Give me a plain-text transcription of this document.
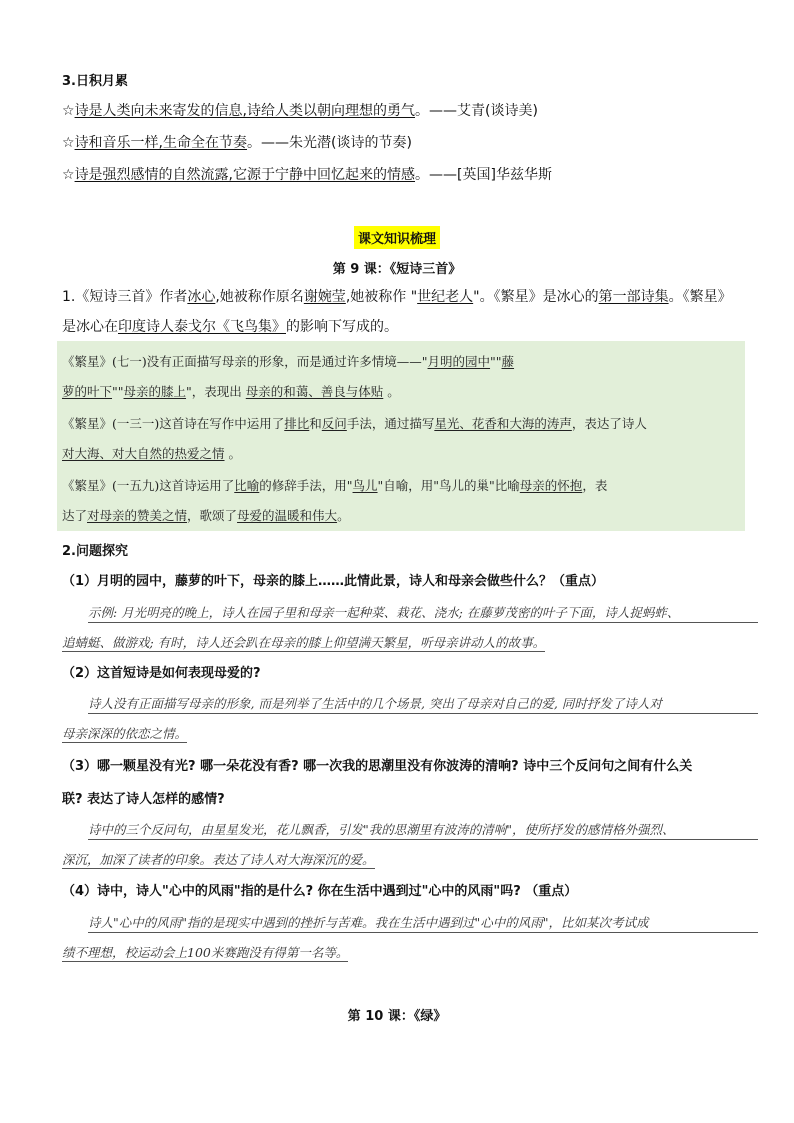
3.日积月累
☆诗是人类向未来寄发的信息,诗给人类以朝向理想的勇气。——艾青(谈诗美)
☆诗和音乐一样,生命全在节奏。——朱光潜(谈诗的节奏)
☆诗是强烈感情的自然流露,它源于宁静中回忆起来的情感。——[英国]华兹华斯
课文知识梳理
第 9 课：《短诗三首》
1.《短诗三首》作者冰心,她被称作原名谢婉莹,她被称作 "世纪老人"。《繁星》是冰心的第一部诗集。《繁星》
是冰心在印度诗人泰戈尔《飞鸟集》的影响下写成的。
《繁星》(七一)没有正面描写母亲的形象，而是通过许多情境——"月明的园中""藤
萝的叶下""母亲的膝上"，表现出 母亲的和蔼、善良与体贴 。
《繁星》(一三一)这首诗在写作中运用了排比和反问手法，通过描写星光、花香和大海的涛声，表达了诗人
对大海、对大自然的热爱之情 。
《繁星》(一五九)这首诗运用了比喻的修辞手法，用"鸟儿"自喻，用"鸟儿的巢"比喻母亲的怀抱，表
达了对母亲的赞美之情，歌颂了母爱的温暖和伟大。
2.问题探究
（1）月明的园中，藤萝的叶下，母亲的膝上……此情此景，诗人和母亲会做些什么？（重点）
示例: 月光明亮的晚上，诗人在园子里和母亲一起种菜、栽花、浇水; 在藤萝茂密的叶子下面，诗人捉蚂蚱、
追蜻蜓、做游戏; 有时，诗人还会趴在母亲的膝上仰望满天繁星，听母亲讲动人的故事。
（2）这首短诗是如何表现母爱的?
诗人没有正面描写母亲的形象, 而是列举了生活中的几个场景, 突出了母亲对自己的爱, 同时抒发了诗人对
母亲深深的依恋之情。
（3）哪一颗星没有光? 哪一朵花没有香? 哪一次我的思潮里没有你波涛的清响? 诗中三个反问句之间有什么关
联? 表达了诗人怎样的感情?
诗中的三个反问句，由星星发光，花儿飘香，引发"我的思潮里有波涛的清响"，使所抒发的感情格外强烈、
深沉，加深了读者的印象。表达了诗人对大海深沉的爱。
（4）诗中，诗人"心中的风雨"指的是什么? 你在生活中遇到过"心中的风雨"吗? （重点）
诗人"心中的风雨"指的是现实中遇到的挫折与苦难。我在生活中遇到过"心中的风雨"，比如某次考试成
绩不理想，校运动会上100米赛跑没有得第一名等。
第 10 课：《绿》
